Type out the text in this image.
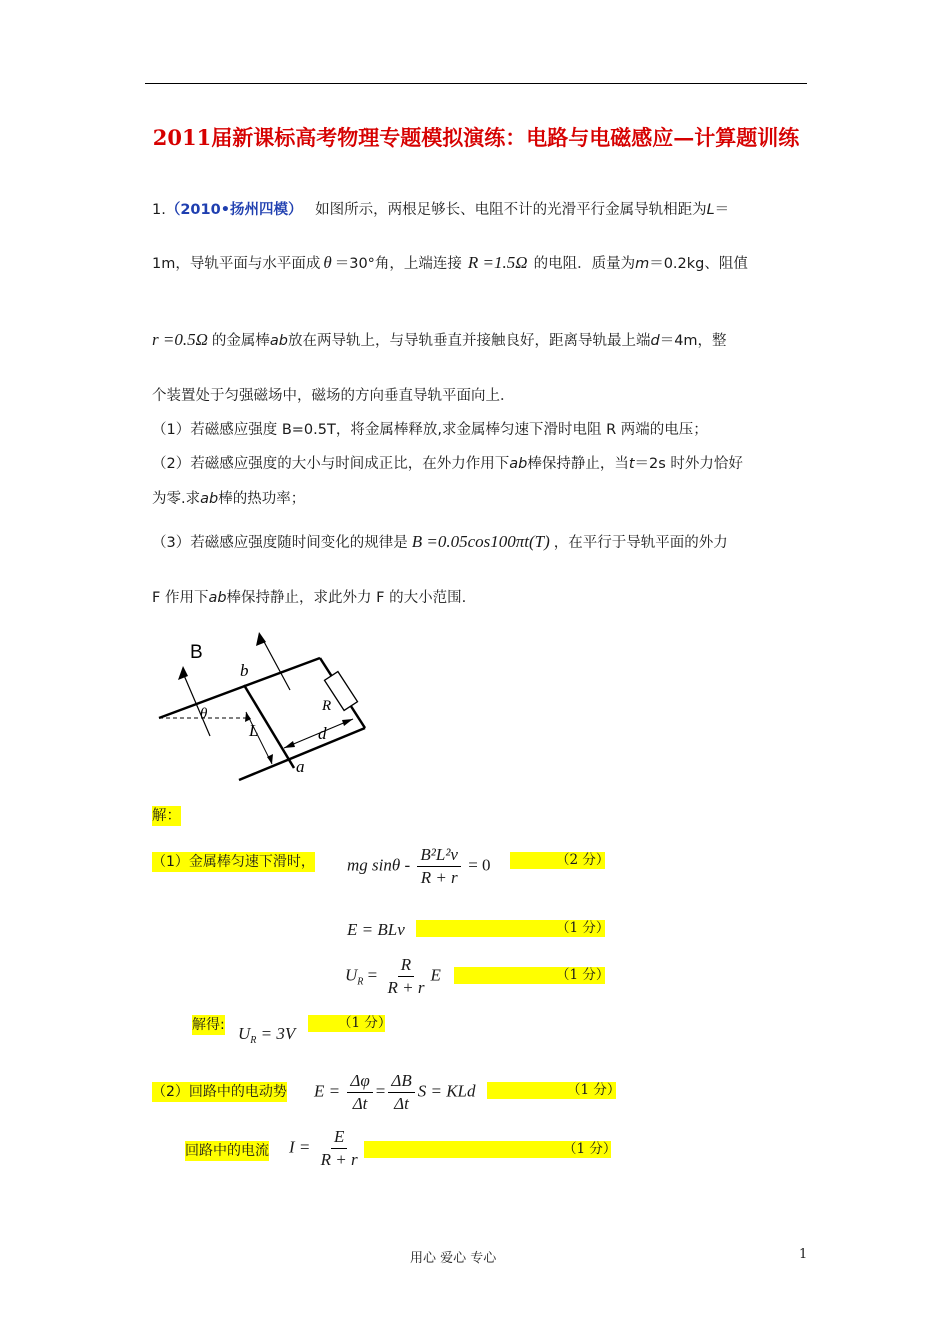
2011届新课标高考物理专题模拟演练：电路与电磁感应—计算题训练
1.（2010•扬州四模） 如图所示，两根足够长、电阻不计的光滑平行金属导轨相距为L＝
1m，导轨平面与水平面成 θ ＝30°角，上端连接 R =1.5Ω 的电阻．质量为m＝0.2kg、阻值
r =0.5Ω 的金属棒ab放在两导轨上，与导轨垂直并接触良好，距离导轨最上端d＝4m，整
个装置处于匀强磁场中，磁场的方向垂直导轨平面向上．
（1）若磁感应强度 B=0.5T，将金属棒释放,求金属棒匀速下滑时电阻 R 两端的电压；
（2）若磁感应强度的大小与时间成正比，在外力作用下ab棒保持静止，当t＝2s 时外力恰好
为零.求ab棒的热功率；
（3）若磁感应强度随时间变化的规律是 B =0.05cos100πt(T) ，在平行于导轨平面的外力
F 作用下ab棒保持静止，求此外力 F 的大小范围.
B
b
a
θ
L	d
R
解：
（1）金属棒匀速下滑时， mg $\sin\theta - \frac{\text{B²L²v}}{R + r} = 0$	（2 分）
E = BLv	（1 分）
$U_R = \frac{R}{R + r}$ E	（1 分）
解得: $U_R = 3V$
（1 分）
（2）回路中的电动势 $E = \frac{\Delta\varphi}{\Delta t} = \frac{\Delta B}{\Delta t}$ S = KLd	（1 分）
回路中的电流 $I = \frac{E}{R + r}$	（1 分）
用心 爱心 专心	1
